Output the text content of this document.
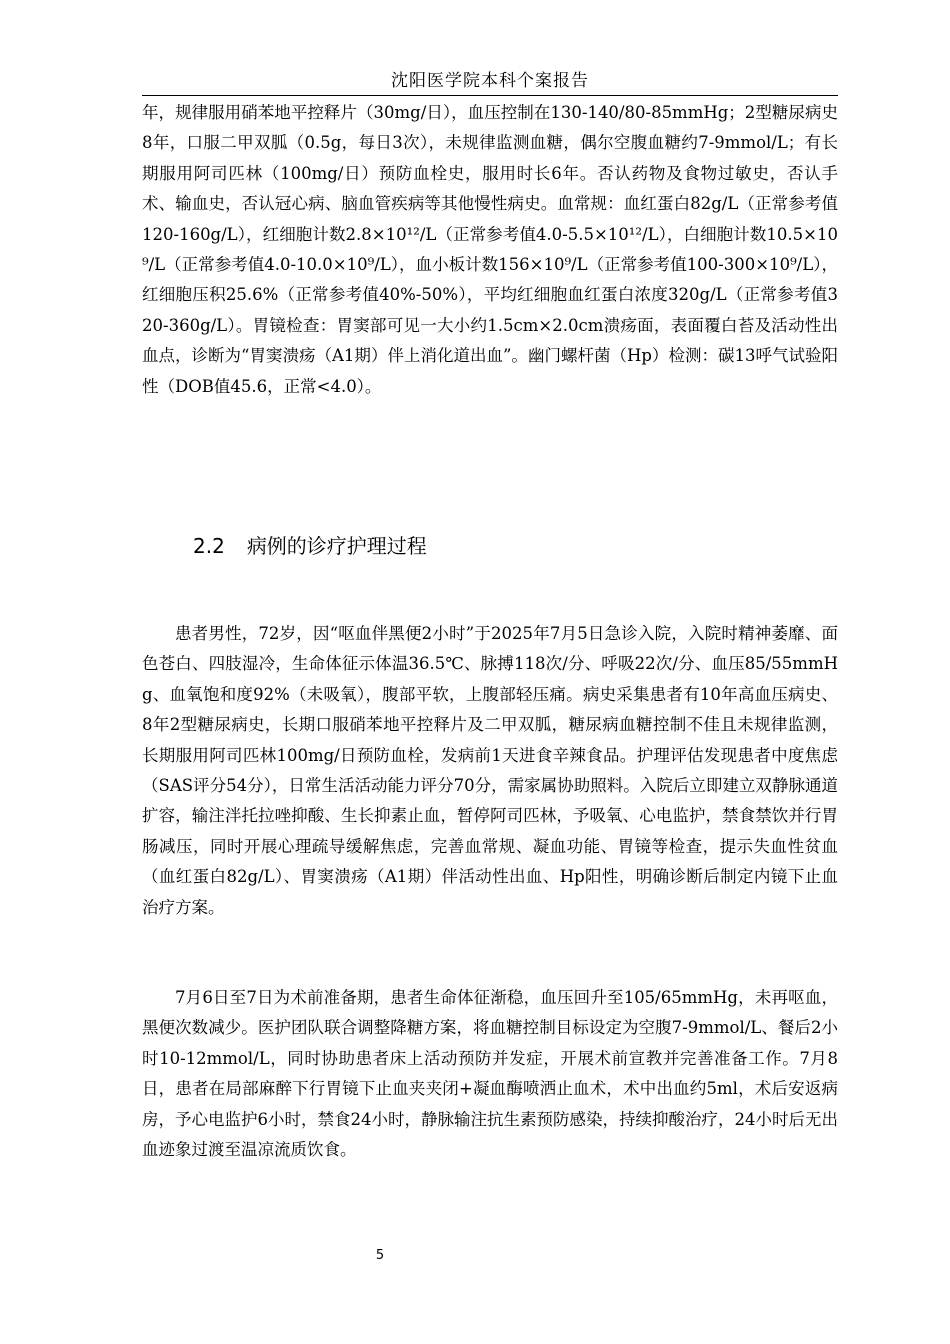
沈阳医学院本科个案报告

年，规律服用硝苯地平控释片（30mg/日），血压控制在130-140/80-85mmHg；2型糖尿病史8年，口服二甲双胍（0.5g，每日3次），未规律监测血糖，偶尔空腹血糖约7-9mmol/L；有长期服用阿司匹林（100mg/日）预防血栓史，服用时长6年。否认药物及食物过敏史，否认手术、输血史，否认冠心病、脑血管疾病等其他慢性病史。血常规：血红蛋白82g/L（正常参考值120-160g/L），红细胞计数2.8×10¹²/L（正常参考值4.0-5.5×10¹²/L），白细胞计数10.5×10⁹/L（正常参考值4.0-10.0×10⁹/L），血小板计数156×10⁹/L（正常参考值100-300×10⁹/L），红细胞压积25.6%（正常参考值40%-50%），平均红细胞血红蛋白浓度320g/L（正常参考值320-360g/L）。胃镜检查：胃窦部可见一大小约1.5cm×2.0cm溃疡面，表面覆白苔及活动性出血点，诊断为“胃窦溃疡（A1期）伴上消化道出血”。幽门螺杆菌（Hp）检测：碳13呼气试验阳性（DOB值45.6，正常<4.0）。

2.2 病例的诊疗护理过程

患者男性，72岁，因“呕血伴黑便2小时”于2025年7月5日急诊入院，入院时精神萎靡、面色苍白、四肢湿冷，生命体征示体温36.5℃、脉搏118次/分、呼吸22次/分、血压85/55mmHg、血氧饱和度92%（未吸氧），腹部平软，上腹部轻压痛。病史采集患者有10年高血压病史、8年2型糖尿病史，长期口服硝苯地平控释片及二甲双胍，糖尿病血糖控制不佳且未规律监测，长期服用阿司匹林100mg/日预防血栓，发病前1天进食辛辣食品。护理评估发现患者中度焦虑（SAS评分54分），日常生活活动能力评分70分，需家属协助照料。入院后立即建立双静脉通道扩容，输注泮托拉唑抑酸、生长抑素止血，暂停阿司匹林，予吸氧、心电监护，禁食禁饮并行胃肠减压，同时开展心理疏导缓解焦虑，完善血常规、凝血功能、胃镜等检查，提示失血性贫血（血红蛋白82g/L）、胃窦溃疡（A1期）伴活动性出血、Hp阳性，明确诊断后制定内镜下止血治疗方案。

7月6日至7日为术前准备期，患者生命体征渐稳，血压回升至105/65mmHg，未再呕血，黑便次数减少。医护团队联合调整降糖方案，将血糖控制目标设定为空腹7-9mmol/L、餐后2小时10-12mmol/L，同时协助患者床上活动预防并发症，开展术前宣教并完善准备工作。7月8日，患者在局部麻醉下行胃镜下止血夹夹闭+凝血酶喷洒止血术，术中出血约5ml，术后安返病房，予心电监护6小时，禁食24小时，静脉输注抗生素预防感染，持续抑酸治疗，24小时后无出血迹象过渡至温凉流质饮食。

5
